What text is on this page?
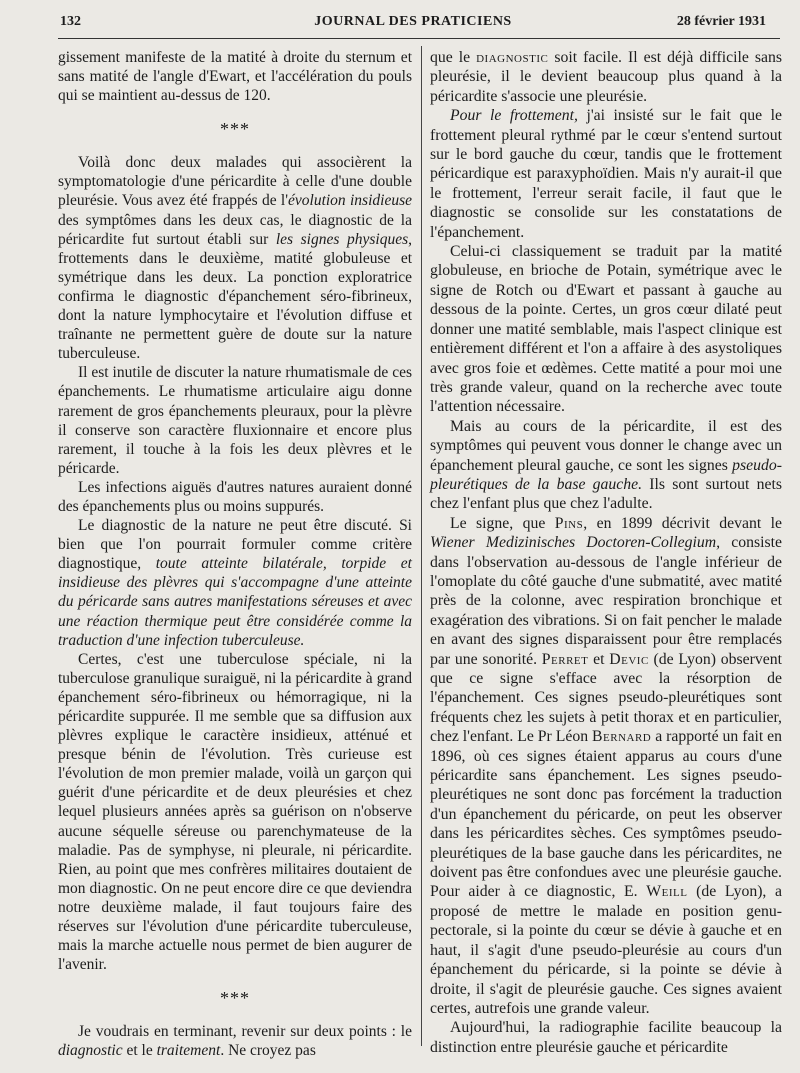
132	JOURNAL DES PRATICIENS	28 février 1931

gissement manifeste de la matité à droite du sternum et sans matité de l'angle d'Ewart, et l'accélération du pouls qui se maintient au-dessus de 120.

***

Voilà donc deux malades qui associèrent la symptomatologie d'une péricardite à celle d'une double pleurésie. Vous avez été frappés de l'évolution insidieuse des symptômes dans les deux cas, le diagnostic de la péricardite fut surtout établi sur les signes physiques, frottements dans le deuxième, matité globuleuse et symétrique dans les deux. La ponction exploratrice confirma le diagnostic d'épanchement séro-fibrineux, dont la nature lymphocytaire et l'évolution diffuse et traînante ne permettent guère de doute sur la nature tuberculeuse.

Il est inutile de discuter la nature rhumatismale de ces épanchements. Le rhumatisme articulaire aigu donne rarement de gros épanchements pleuraux, pour la plèvre il conserve son caractère fluxionnaire et encore plus rarement, il touche à la fois les deux plèvres et le péricarde.

Les infections aiguës d'autres natures auraient donné des épanchements plus ou moins suppurés.

Le diagnostic de la nature ne peut être discuté. Si bien que l'on pourrait formuler comme critère diagnostique, toute atteinte bilatérale, torpide et insidieuse des plèvres qui s'accompagne d'une atteinte du péricarde sans autres manifestations séreuses et avec une réaction thermique peut être considérée comme la traduction d'une infection tuberculeuse.

Certes, c'est une tuberculose spéciale, ni la tuberculose granulique suraiguë, ni la péricardite à grand épanchement séro-fibrineux ou hémorragique, ni la péricardite suppurée. Il me semble que sa diffusion aux plèvres explique le caractère insidieux, atténué et presque bénin de l'évolution. Très curieuse est l'évolution de mon premier malade, voilà un garçon qui guérit d'une péricardite et de deux pleurésies et chez lequel plusieurs années après sa guérison on n'observe aucune séquelle séreuse ou parenchymateuse de la maladie. Pas de symphyse, ni pleurale, ni péricardite. Rien, au point que mes confrères militaires doutaient de mon diagnostic. On ne peut encore dire ce que deviendra notre deuxième malade, il faut toujours faire des réserves sur l'évolution d'une péricardite tuberculeuse, mais la marche actuelle nous permet de bien augurer de l'avenir.

***

Je voudrais en terminant, revenir sur deux points : le diagnostic et le traitement. Ne croyez pas

que le diagnostic soit facile. Il est déjà difficile sans pleurésie, il le devient beaucoup plus quand à la péricardite s'associe une pleurésie.

Pour le frottement, j'ai insisté sur le fait que le frottement pleural rythmé par le cœur s'entend surtout sur le bord gauche du cœur, tandis que le frottement péricardique est paraxyphoïdien. Mais n'y aurait-il que le frottement, l'erreur serait facile, il faut que le diagnostic se consolide sur les constatations de l'épanchement.

Celui-ci classiquement se traduit par la matité globuleuse, en brioche de Potain, symétrique avec le signe de Rotch ou d'Ewart et passant à gauche au dessous de la pointe. Certes, un gros cœur dilaté peut donner une matité semblable, mais l'aspect clinique est entièrement différent et l'on a affaire à des asystoliques avec gros foie et œdèmes. Cette matité a pour moi une très grande valeur, quand on la recherche avec toute l'attention nécessaire.

Mais au cours de la péricardite, il est des symptômes qui peuvent vous donner le change avec un épanchement pleural gauche, ce sont les signes pseudo-pleurétiques de la base gauche. Ils sont surtout nets chez l'enfant plus que chez l'adulte.

Le signe, que Pins, en 1899 décrivit devant le Wiener Medizinisches Doctoren-Collegium, consiste dans l'observation au-dessous de l'angle inférieur de l'omoplate du côté gauche d'une submatité, avec matité près de la colonne, avec respiration bronchique et exagération des vibrations. Si on fait pencher le malade en avant des signes disparaissent pour être remplacés par une sonorité. Perret et Devic (de Lyon) observent que ce signe s'efface avec la résorption de l'épanchement. Ces signes pseudo-pleurétiques sont fréquents chez les sujets à petit thorax et en particulier, chez l'enfant. Le Pr Léon Bernard a rapporté un fait en 1896, où ces signes étaient apparus au cours d'une péricardite sans épanchement. Les signes pseudo-pleurétiques ne sont donc pas forcément la traduction d'un épanchement du péricarde, on peut les observer dans les péricardites sèches. Ces symptômes pseudo-pleurétiques de la base gauche dans les péricardites, ne doivent pas être confondues avec une pleurésie gauche. Pour aider à ce diagnostic, E. Weill (de Lyon), a proposé de mettre le malade en position genu-pectorale, si la pointe du cœur se dévie à gauche et en haut, il s'agit d'une pseudo-pleurésie au cours d'un épanchement du péricarde, si la pointe se dévie à droite, il s'agit de pleurésie gauche. Ces signes avaient certes, autrefois une grande valeur.

Aujourd'hui, la radiographie facilite beaucoup la distinction entre pleurésie gauche et péricardite
